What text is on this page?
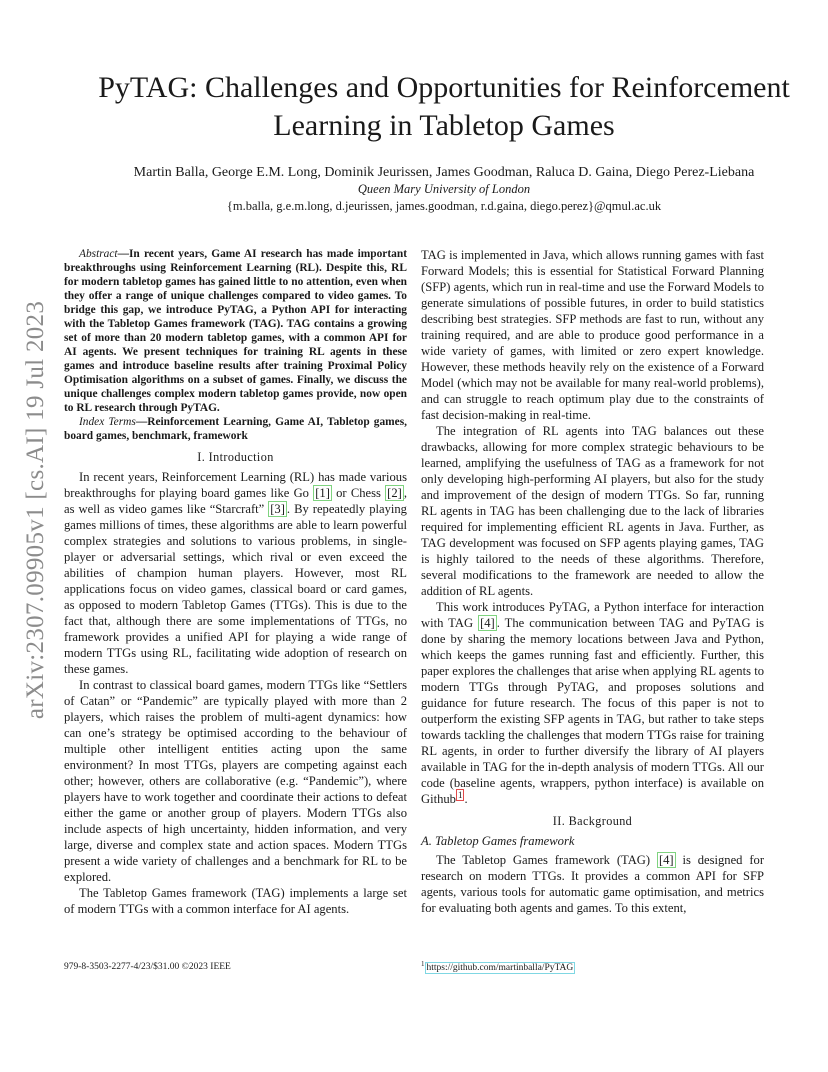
arXiv:2307.09905v1 [cs.AI] 19 Jul 2023
PyTAG: Challenges and Opportunities for Reinforcement Learning in Tabletop Games
Martin Balla, George E.M. Long, Dominik Jeurissen, James Goodman, Raluca D. Gaina, Diego Perez-Liebana
Queen Mary University of London
{m.balla, g.e.m.long, d.jeurissen, james.goodman, r.d.gaina, diego.perez}@qmul.ac.uk

Abstract—In recent years, Game AI research has made important breakthroughs using Reinforcement Learning (RL). Despite this, RL for modern tabletop games has gained little to no attention, even when they offer a range of unique challenges compared to video games. To bridge this gap, we introduce PyTAG, a Python API for interacting with the Tabletop Games framework (TAG). TAG contains a growing set of more than 20 modern tabletop games, with a common API for AI agents. We present techniques for training RL agents in these games and introduce baseline results after training Proximal Policy Optimisation algorithms on a subset of games. Finally, we discuss the unique challenges complex modern tabletop games provide, now open to RL research through PyTAG.

Index Terms—Reinforcement Learning, Game AI, Tabletop games, board games, benchmark, framework

I. Introduction

In recent years, Reinforcement Learning (RL) has made various breakthroughs for playing board games like Go [1] or Chess [2] , as well as video games like “Starcraft” [3] . By repeatedly playing games millions of times, these algorithms are able to learn powerful complex strategies and solutions to various problems, in single-player or adversarial settings, which rival or even exceed the abilities of champion human players. However, most RL applications focus on video games, classical board or card games, as opposed to modern Tabletop Games (TTGs). This is due to the fact that, although there are some implementations of TTGs, no framework provides a unified API for playing a wide range of modern TTGs using RL, facilitating wide adoption of research on these games.

In contrast to classical board games, modern TTGs like “Settlers of Catan” or “Pandemic” are typically played with more than 2 players, which raises the problem of multi-agent dynamics: how can one’s strategy be optimised according to the behaviour of multiple other intelligent entities acting upon the same environment? In most TTGs, players are competing against each other; however, others are collaborative (e.g. “Pandemic”), where players have to work together and coordinate their actions to defeat either the game or another group of players. Modern TTGs also include aspects of high uncertainty, hidden information, and very large, diverse and complex state and action spaces. Modern TTGs present a wide variety of challenges and a benchmark for RL to be explored.

The Tabletop Games framework (TAG) implements a large set of modern TTGs with a common interface for AI agents.

TAG is implemented in Java, which allows running games with fast Forward Models; this is essential for Statistical Forward Planning (SFP) agents, which run in real-time and use the Forward Models to generate simulations of possible futures, in order to build statistics describing best strategies. SFP methods are fast to run, without any training required, and are able to produce good performance in a wide variety of games, with limited or zero expert knowledge. However, these methods heavily rely on the existence of a Forward Model (which may not be available for many real-world problems), and can struggle to reach optimum play due to the constraints of fast decision-making in real-time.

The integration of RL agents into TAG balances out these drawbacks, allowing for more complex strategic behaviours to be learned, amplifying the usefulness of TAG as a framework for not only developing high-performing AI players, but also for the study and improvement of the design of modern TTGs. So far, running RL agents in TAG has been challenging due to the lack of libraries required for implementing efficient RL agents in Java. Further, as TAG development was focused on SFP agents playing games, TAG is highly tailored to the needs of these algorithms. Therefore, several modifications to the framework are needed to allow the addition of RL agents.

This work introduces PyTAG, a Python interface for interaction with TAG [4] . The communication between TAG and PyTAG is done by sharing the memory locations between Java and Python, which keeps the games running fast and efficiently. Further, this paper explores the challenges that arise when applying RL agents to modern TTGs through PyTAG, and proposes solutions and guidance for future research. The focus of this paper is not to outperform the existing SFP agents in TAG, but rather to take steps towards tackling the challenges that modern TTGs raise for training RL agents, in order to further diversify the library of AI players available in TAG for the in-depth analysis of modern TTGs. All our code (baseline agents, wrappers, python interface) is available on Github $^1$ .

II. Background
A. Tabletop Games framework

The Tabletop Games framework (TAG) [4] is designed for research on modern TTGs. It provides a common API for SFP agents, various tools for automatic game optimisation, and metrics for evaluating both agents and games. To this extent,

979-8-3503-2277-4/23/$31.00 ©2023 IEEE	$^1$ https://github.com/martinballa/PyTAG
